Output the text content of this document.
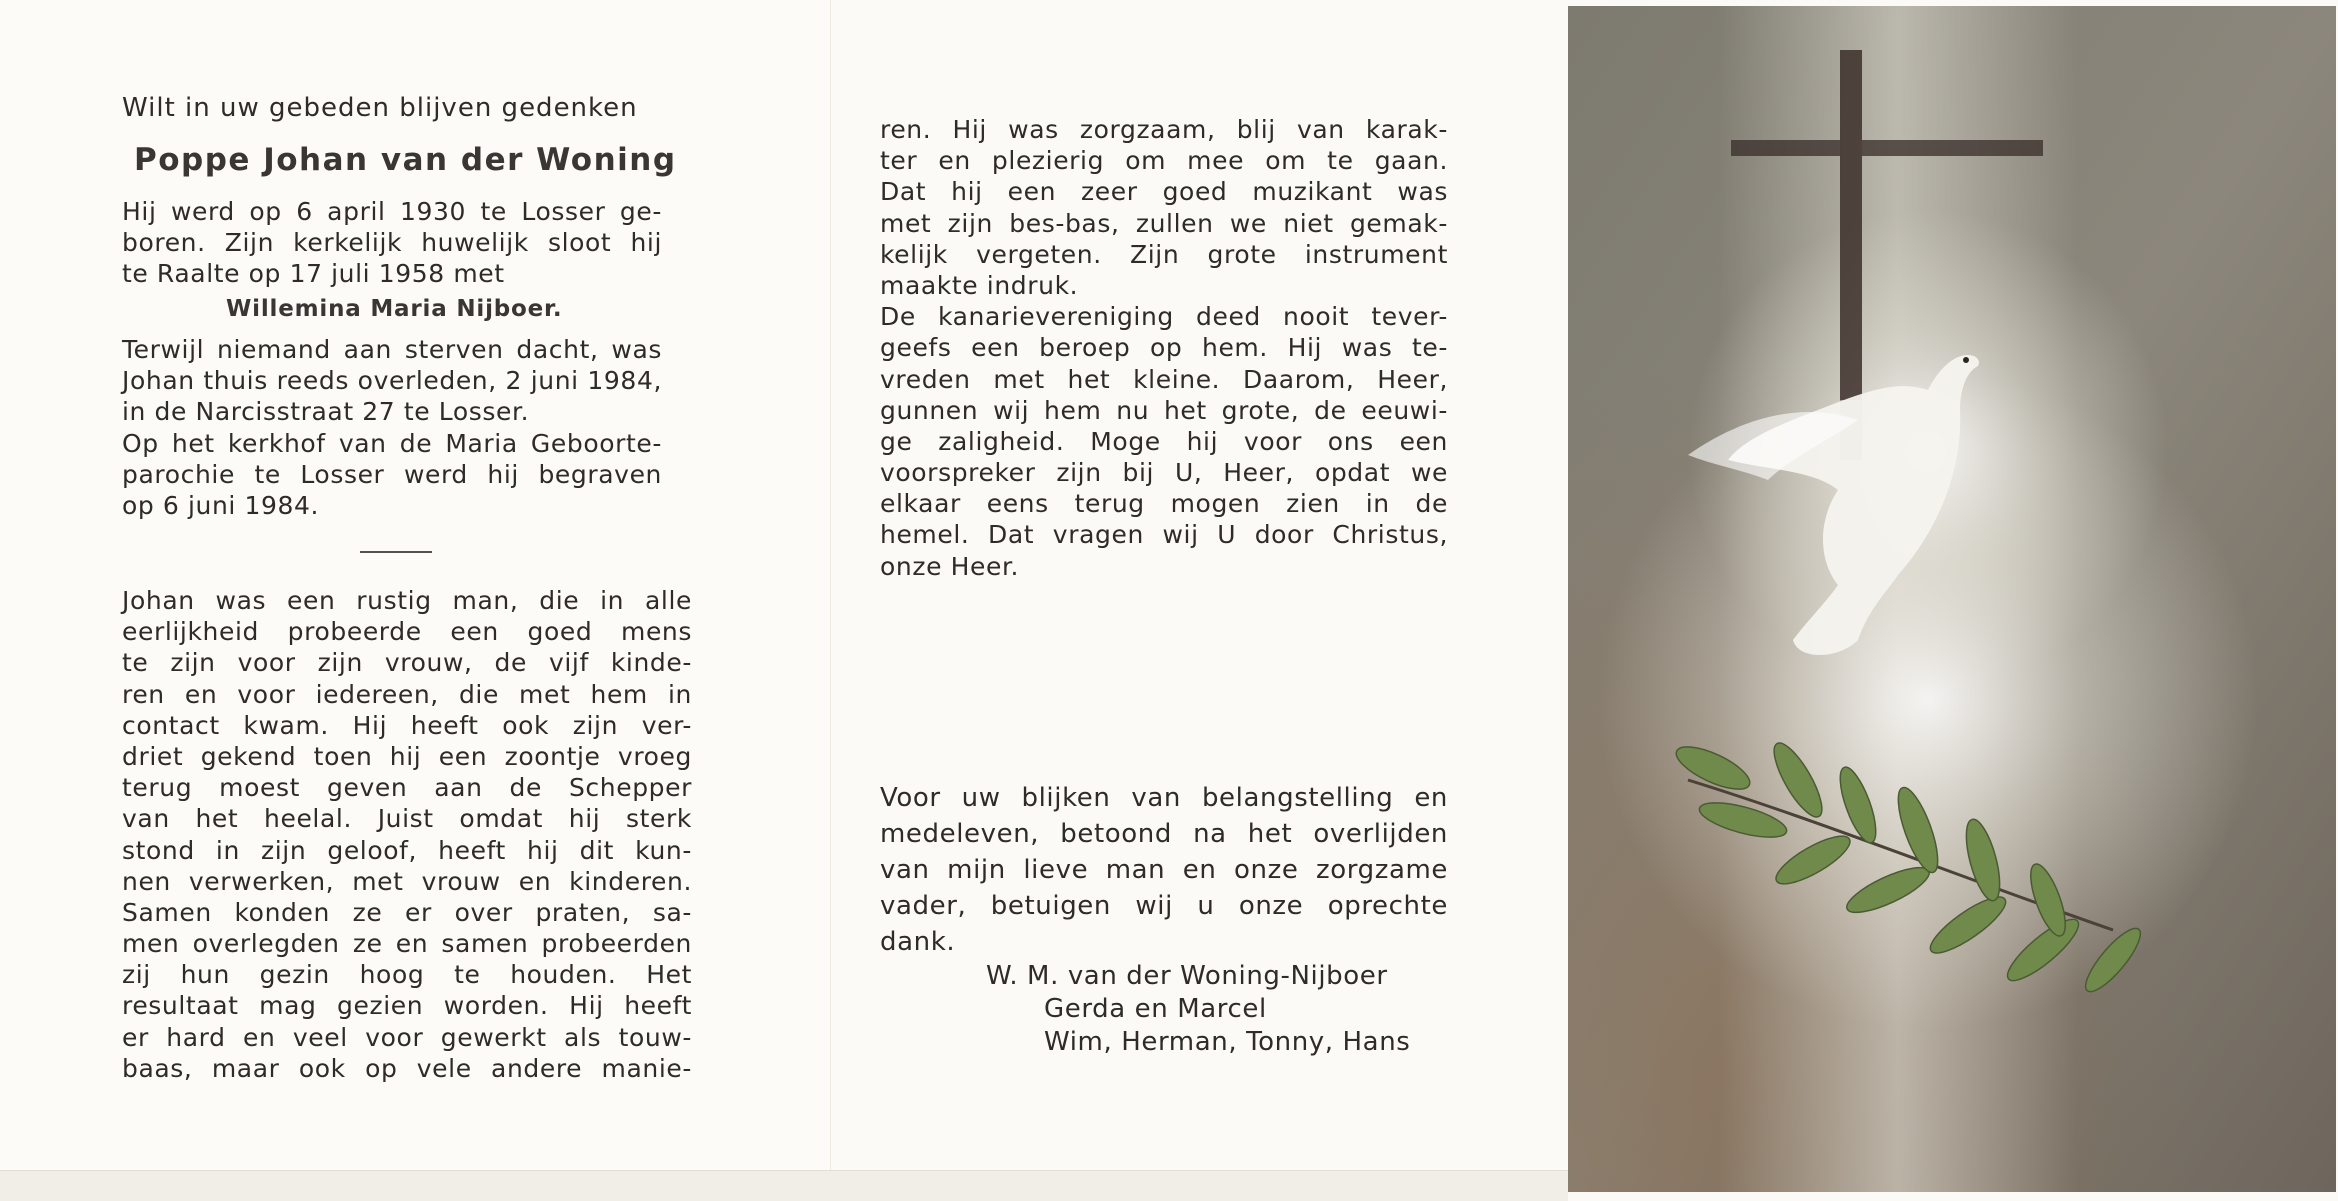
Wilt in uw gebeden blijven gedenken
Poppe Johan van der Woning
Hij werd op 6 april 1930 te Losser ge-
boren. Zijn kerkelijk huwelijk sloot hij
te Raalte op 17 juli 1958 met
Willemina Maria Nijboer.
Terwijl niemand aan sterven dacht, was
Johan thuis reeds overleden, 2 juni 1984,
in de Narcisstraat 27 te Losser.
Op het kerkhof van de Maria Geboorte-
parochie te Losser werd hij begraven
op 6 juni 1984.
Johan was een rustig man, die in alle
eerlijkheid probeerde een goed mens
te zijn voor zijn vrouw, de vijf kinde-
ren en voor iedereen, die met hem in
contact kwam. Hij heeft ook zijn ver-
driet gekend toen hij een zoontje vroeg
terug moest geven aan de Schepper
van het heelal. Juist omdat hij sterk
stond in zijn geloof, heeft hij dit kun-
nen verwerken, met vrouw en kinderen.
Samen konden ze er over praten, sa-
men overlegden ze en samen probeerden
zij hun gezin hoog te houden. Het
resultaat mag gezien worden. Hij heeft
er hard en veel voor gewerkt als touw-
baas, maar ook op vele andere manie-
ren. Hij was zorgzaam, blij van karak-
ter en plezierig om mee om te gaan.
Dat hij een zeer goed muzikant was
met zijn bes-bas, zullen we niet gemak-
kelijk vergeten. Zijn grote instrument
maakte indruk.
De kanarievereniging deed nooit tever-
geefs een beroep op hem. Hij was te-
vreden met het kleine. Daarom, Heer,
gunnen wij hem nu het grote, de eeuwi-
ge zaligheid. Moge hij voor ons een
voorspreker zijn bij U, Heer, opdat we
elkaar eens terug mogen zien in de
hemel. Dat vragen wij U door Christus,
onze Heer.
Voor uw blijken van belangstelling en
medeleven, betoond na het overlijden
van mijn lieve man en onze zorgzame
vader, betuigen wij u onze oprechte
dank.
W. M. van der Woning-Nijboer
Gerda en Marcel
Wim, Herman, Tonny, Hans
